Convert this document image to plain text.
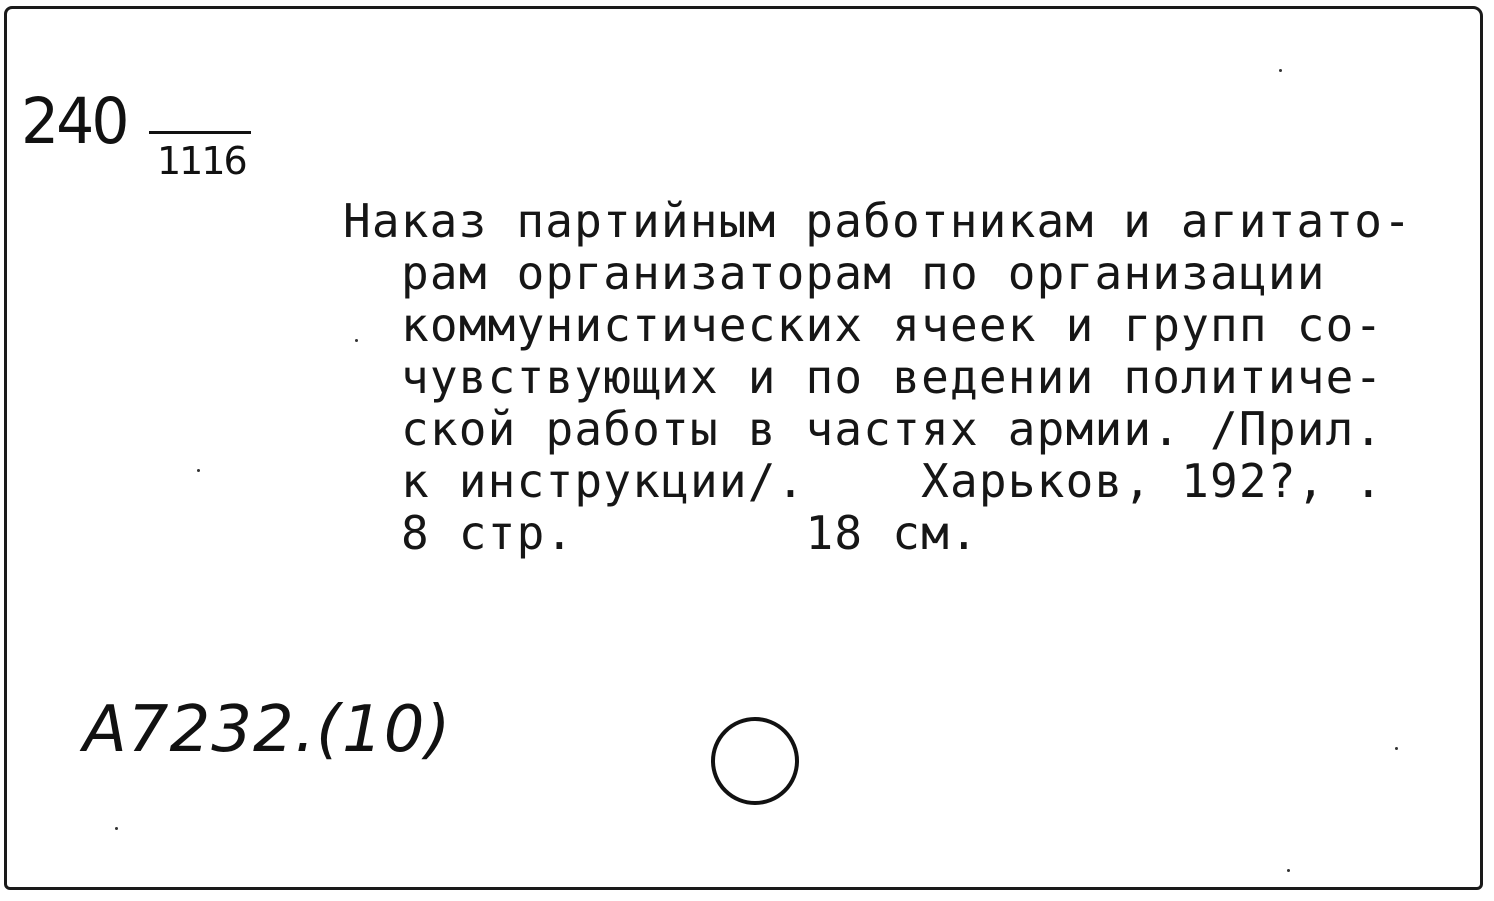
240
1116
Наказ партийным работникам и агитато-
рам организаторам по организации
коммунистических ячеек и групп со-
чувствующих и по ведении политиче-
ской работы в частях армии. /Прил.
к инструкции/.    Харьков, 192?, .
8 стр.        18 см.
A7232.(10)
